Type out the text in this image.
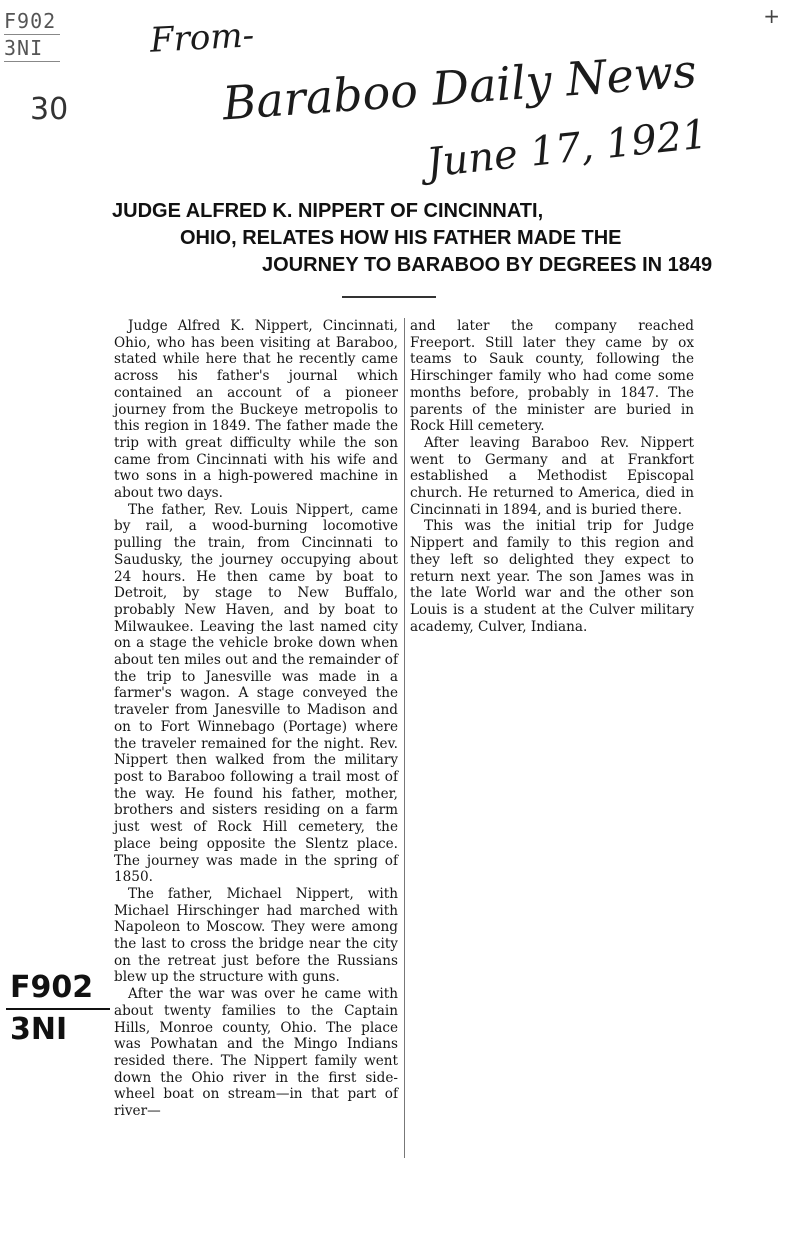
F902
3NI
30
+
From-
Baraboo Daily News
June 17, 1921
F902
3NI
JUDGE ALFRED K. NIPPERT OF CINCINNATI,
OHIO, RELATES HOW HIS FATHER MADE THE
JOURNEY TO BARABOO BY DEGREES IN 1849

Judge Alfred K. Nippert, Cincinnati, Ohio, who has been visiting at Baraboo, stated while here that he recently came across his father's journal which contained an account of a pioneer journey from the Buckeye metropolis to this region in 1849. The father made the trip with great difficulty while the son came from Cincinnati with his wife and two sons in a high-powered machine in about two days.

The father, Rev. Louis Nippert, came by rail, a wood-burning locomotive pulling the train, from Cincinnati to Saudusky, the journey occupying about 24 hours. He then came by boat to Detroit, by stage to New Buffalo, probably New Haven, and by boat to Milwaukee. Leaving the last named city on a stage the vehicle broke down when about ten miles out and the remainder of the trip to Janesville was made in a farmer's wagon. A stage conveyed the traveler from Janesville to Madison and on to Fort Winnebago (Portage) where the traveler remained for the night. Rev. Nippert then walked from the military post to Baraboo following a trail most of the way. He found his father, mother, brothers and sisters residing on a farm just west of Rock Hill cemetery, the place being opposite the Slentz place. The journey was made in the spring of 1850.

The father, Michael Nippert, with Michael Hirschinger had marched with Napoleon to Moscow. They were among the last to cross the bridge near the city on the retreat just before the Russians blew up the structure with guns.

After the war was over he came with about twenty families to the Captain Hills, Monroe county, Ohio. The place was Powhatan and the Mingo Indians resided there. The Nippert family went down the Ohio river in the first side-wheel boat on stream—in that part of river—

and later the company reached Freeport. Still later they came by ox teams to Sauk county, following the Hirschinger family who had come some months before, probably in 1847. The parents of the minister are buried in Rock Hill cemetery.

After leaving Baraboo Rev. Nippert went to Germany and at Frankfort established a Methodist Episcopal church. He returned to America, died in Cincinnati in 1894, and is buried there.

This was the initial trip for Judge Nippert and family to this region and they left so delighted they expect to return next year. The son James was in the late World war and the other son Louis is a student at the Culver military academy, Culver, Indiana.
